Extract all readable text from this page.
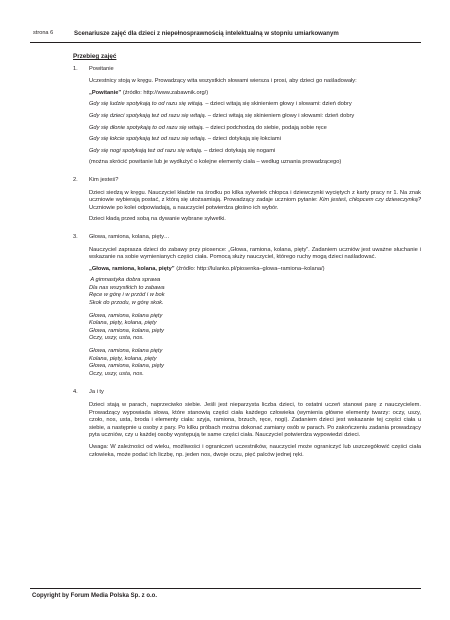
strona 6	Scenariusze zajęć dla dzieci z niepełnosprawnością intelektualną w stopniu umiarkowanym
Przebieg zajęć
1. Powitanie

Uczestnicy stoją w kręgu. Prowadzący wita wszystkich słowami wiersza i prosi, aby dzieci go naśladowały:

„Powitanie” (źródło: http://www.zabawnik.org/)

Gdy się ludzie spotykają to od razu się witają. – dzieci witają się skinieniem głowy i słowami: dzień dobry

Gdy się dzieci spotykają też od razu się witają. – dzieci witają się skinieniem głowy i słowami: dzień dobry

Gdy się dłonie spotykają to od razu się witają. – dzieci podchodzą do siebie, podają sobie ręce

Gdy się łokcie spotykają też od razu się witają. – dzieci dotykają się łokciami

Gdy się nogi spotykają też od razu się witają. – dzieci dotykają się nogami

(można skrócić powitanie lub je wydłużyć o kolejne elementy ciała – według uznania prowadzącego)

2. Kim jesteś?

Dzieci siedzą w kręgu. Nauczyciel kładzie na środku po kilka sylwetek chłopca i dziewczynki wyciętych z karty pracy nr 1. Na znak uczniowie wybierają postać, z którą się utożsamiają. Prowadzący zadaje uczniom pytanie: Kim jesteś, chłopcem czy dziewczynką? Uczniowie po kolei odpowiadają, a nauczyciel potwierdza głośno ich wybór.

Dzieci kładą przed sobą na dywanie wybrane sylwetki.

3. Głowa, ramiona, kolana, pięty…

Nauczyciel zaprasza dzieci do zabawy przy piosence: „Głowa, ramiona, kolana, pięty”. Zadaniem uczniów jest uważne słuchanie i wskazanie na sobie wymienianych części ciała. Pomocą służy nauczyciel, którego ruchy mogą dzieci naśladować.

„Głowa, ramiona, kolana, pięty” (źródło: http://lulanko.pl/piosenka–glowa–ramiona–kolana/)

A gimnastyka dobra sprawa
Dla nas wszystkich to zabawa
Ręce w górę i w przód i w bok
Skok do przodu, w górę skok.
Głowa, ramiona, kolana pięty
Kolana, pięty, kolana, pięty
Głowa, ramiona, kolana, pięty
Oczy, uszy, usta, nos.
Głowa, ramiona, kolana pięty
Kolana, pięty, kolana, pięty
Głowa, ramiona, kolana, pięty
Oczy, uszy, usta, nos.
4. Ja i ty

Dzieci stają w parach, naprzeciwko siebie. Jeśli jest nieparzysta liczba dzieci, to ostatni uczeń stanowi parę z nauczycielem. Prowadzący wypowiada słowa, które stanowią części ciała każdego człowieka (wymienia główne elementy twarzy: oczy, uszy, czoło, nos, usta, broda i elementy ciała: szyja, ramiona, brzuch, ręce, nogi). Zadaniem dzieci jest wskazanie tej części ciała u siebie, a następnie u osoby z pary. Po kilku próbach można dokonać zamiany osób w parach. Po zakończeniu zadania prowadzący pyta uczniów, czy u każdej osoby występują te same części ciała. Nauczyciel potwierdza wypowiedzi dzieci.

Uwaga: W zależności od wieku, możliwości i ograniczeń uczestników, nauczyciel może ograniczyć lub uszczegółowić części ciała człowieka, może podać ich liczbę, np. jeden nos, dwoje oczu, pięć palców jednej ręki.

Copyright by Forum Media Polska Sp. z o.o.
